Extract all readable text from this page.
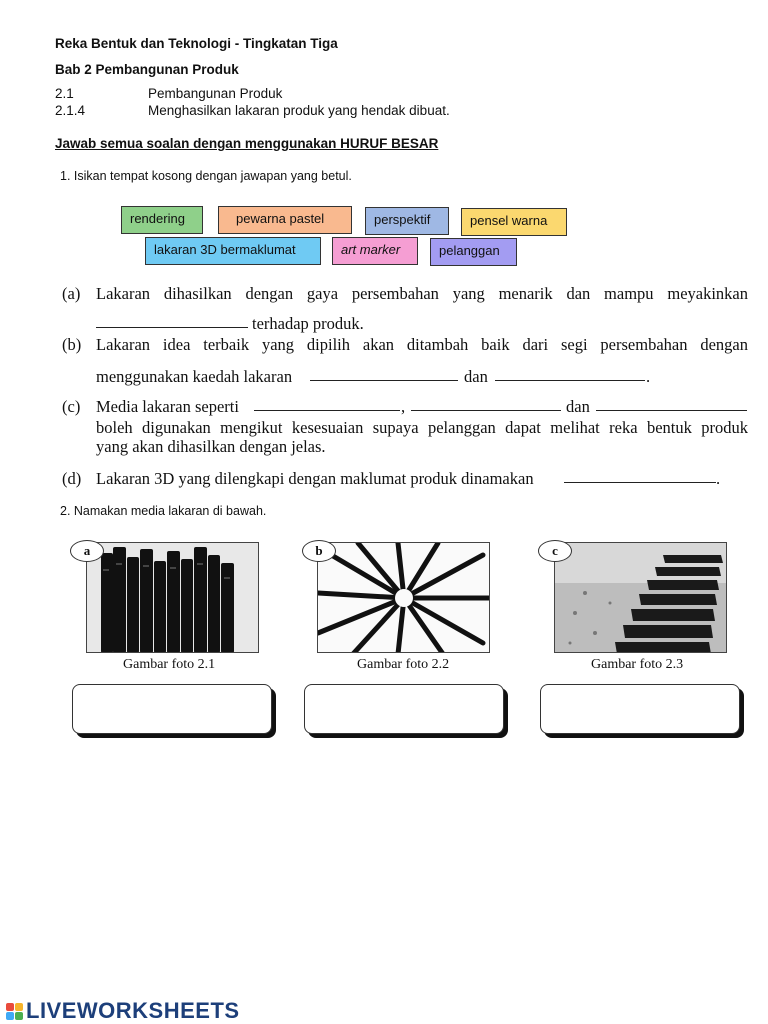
Reka Bentuk dan Teknologi - Tingkatan Tiga
Bab 2 Pembangunan Produk
2.1	Pembangunan Produk
2.1.4	Menghasilkan lakaran produk yang hendak dibuat.
Jawab semua soalan dengan menggunakan HURUF BESAR
1. Isikan tempat kosong dengan jawapan yang betul.
rendering	pewarna pastel	perspektif	pensel warna
lakaran 3D bermaklumat	art marker	pelanggan
(a) Lakaran dihasilkan dengan gaya persembahan yang menarik dan mampu meyakinkan
terhadap produk.
(b) Lakaran idea terbaik yang dipilih akan ditambah baik dari segi persembahan dengan
menggunakan kaedah lakaran	dan	.
(c) Media lakaran seperti	,	dan
boleh digunakan mengikut kesesuaian supaya pelanggan dapat melihat reka bentuk produk
yang akan dihasilkan dengan jelas.
(d) Lakaran 3D yang dilengkapi dengan maklumat produk dinamakan	.
2. Namakan media lakaran di bawah.
a
Gambar foto 2.1
b
Gambar foto 2.2
c
Gambar foto 2.3
LIVEWORKSHEETS
